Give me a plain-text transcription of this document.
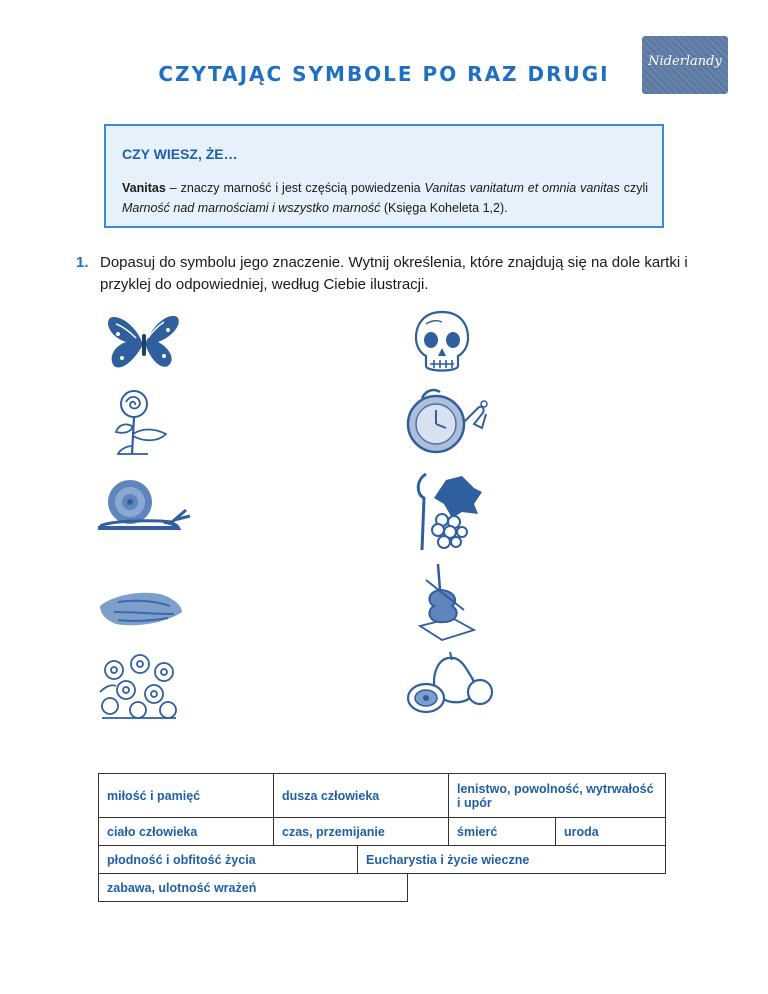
CZYTAJĄC SYMBOLE PO RAZ DRUGI
Niderlandy
CZY WIESZ, ŻE…
Vanitas – znaczy marność i jest częścią powiedzenia Vanitas vanitatum et omnia vanitas czyli Marność nad marnościami i wszystko marność (Księga Koheleta 1,2).
1. Dopasuj do symbolu jego znaczenie. Wytnij określenia, które znajdują się na dole kartki i przyklej do odpowiedniej, według Ciebie ilustracji.
miłość i pamięć	dusza człowieka	lenistwo, powolność, wytrwałość i upór
ciało człowieka	czas, przemijanie	śmierć	uroda
płodność i obfitość życia	Eucharystia i życie wieczne
zabawa, ulotność wrażeń
